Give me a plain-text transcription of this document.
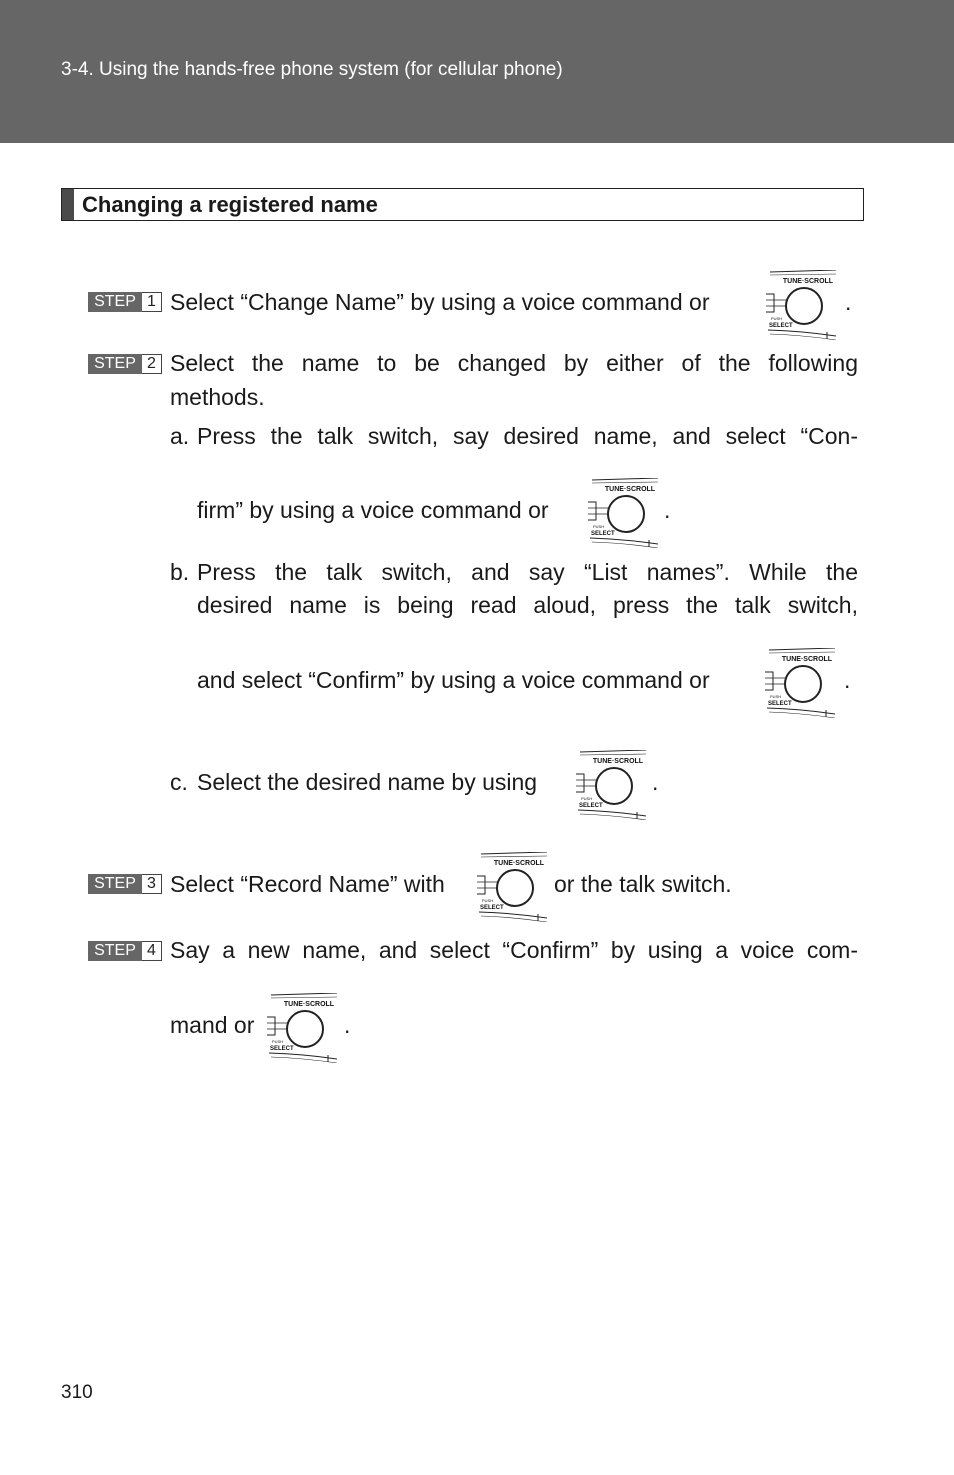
3-4. Using the hands-free phone system (for cellular phone)
Changing a registered name
STEP 1 Select “Change Name” by using a voice command or
TUNE·SCROLL
PUSH
SELECT
.
STEP 2 Select the name to be changed by either of the following
methods.
a. Press the talk switch, say desired name, and select “Con-
firm” by using a voice command or
TUNE·SCROLL
PUSH
SELECT
.
b. Press the talk switch, and say “List names”. While the
desired name is being read aloud, press the talk switch,
and select “Confirm” by using a voice command or
TUNE·SCROLL
PUSH
SELECT
.
c. Select the desired name by using
TUNE·SCROLL
PUSH
SELECT
.
STEP 3 Select “Record Name” with
TUNE·SCROLL
PUSH
SELECT
or the talk switch.
STEP 4 Say a new name, and select “Confirm” by using a voice com-
mand or
TUNE·SCROLL
PUSH
SELECT
.
310
